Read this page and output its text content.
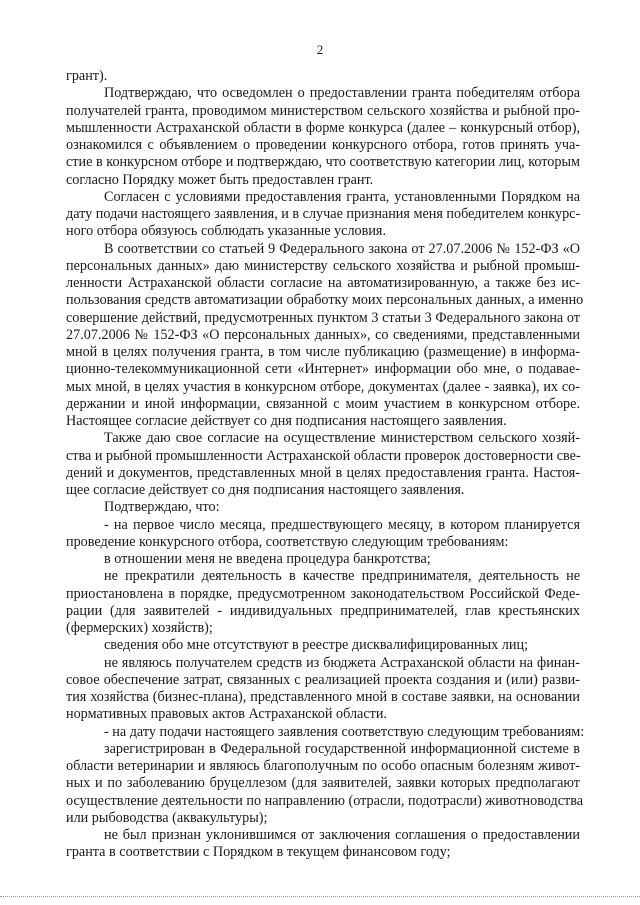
2
грант).
Подтверждаю, что осведомлен о предоставлении гранта победителям отбора
получателей гранта, проводимом министерством сельского хозяйства и рыбной про-
мышленности Астраханской области в форме конкурса (далее – конкурсный отбор),
ознакомился с объявлением о проведении конкурсного отбора, готов принять уча-
стие в конкурсном отборе и подтверждаю, что соответствую категории лиц, которым
согласно Порядку может быть предоставлен грант.
Согласен с условиями предоставления гранта, установленными Порядком на
дату подачи настоящего заявления, и в случае признания меня победителем конкурс-
ного отбора обязуюсь соблюдать указанные условия.
В соответствии со статьей 9 Федерального закона от 27.07.2006 № 152-ФЗ «О
персональных данных» даю министерству сельского хозяйства и рыбной промыш-
ленности Астраханской области согласие на автоматизированную, а также без ис-
пользования средств автоматизации обработку моих персональных данных, а именно
совершение действий, предусмотренных пунктом 3 статьи 3 Федерального закона от
27.07.2006 № 152-ФЗ «О персональных данных», со сведениями, представленными
мной в целях получения гранта, в том числе публикацию (размещение) в информа-
ционно-телекоммуникационной сети «Интернет» информации обо мне, о подавае-
мых мной, в целях участия в конкурсном отборе, документах (далее - заявка), их со-
держании и иной информации, связанной с моим участием в конкурсном отборе.
Настоящее согласие действует со дня подписания настоящего заявления.
Также даю свое согласие на осуществление министерством сельского хозяй-
ства и рыбной промышленности Астраханской области проверок достоверности све-
дений и документов, представленных мной в целях предоставления гранта. Настоя-
щее согласие действует со дня подписания настоящего заявления.
Подтверждаю, что:
- на первое число месяца, предшествующего месяцу, в котором планируется
проведение конкурсного отбора, соответствую следующим требованиям:
в отношении меня не введена процедура банкротства;
не прекратили деятельность в качестве предпринимателя, деятельность не
приостановлена в порядке, предусмотренном законодательством Российской Феде-
рации (для заявителей - индивидуальных предпринимателей, глав крестьянских
(фермерских) хозяйств);
сведения обо мне отсутствуют в реестре дисквалифицированных лиц;
не являюсь получателем средств из бюджета Астраханской области на финан-
совое обеспечение затрат, связанных с реализацией проекта создания и (или) разви-
тия хозяйства (бизнес-плана), представленного мной в составе заявки, на основании
нормативных правовых актов Астраханской области.
- на дату подачи настоящего заявления соответствую следующим требованиям:
зарегистрирован в Федеральной государственной информационной системе в
области ветеринарии и являюсь благополучным по особо опасным болезням живот-
ных и по заболеванию бруцеллезом (для заявителей, заявки которых предполагают
осуществление деятельности по направлению (отрасли, подотрасли) животноводства
или рыбоводства (аквакультуры);
не был признан уклонившимся от заключения соглашения о предоставлении
гранта в соответствии с Порядком в текущем финансовом году;
